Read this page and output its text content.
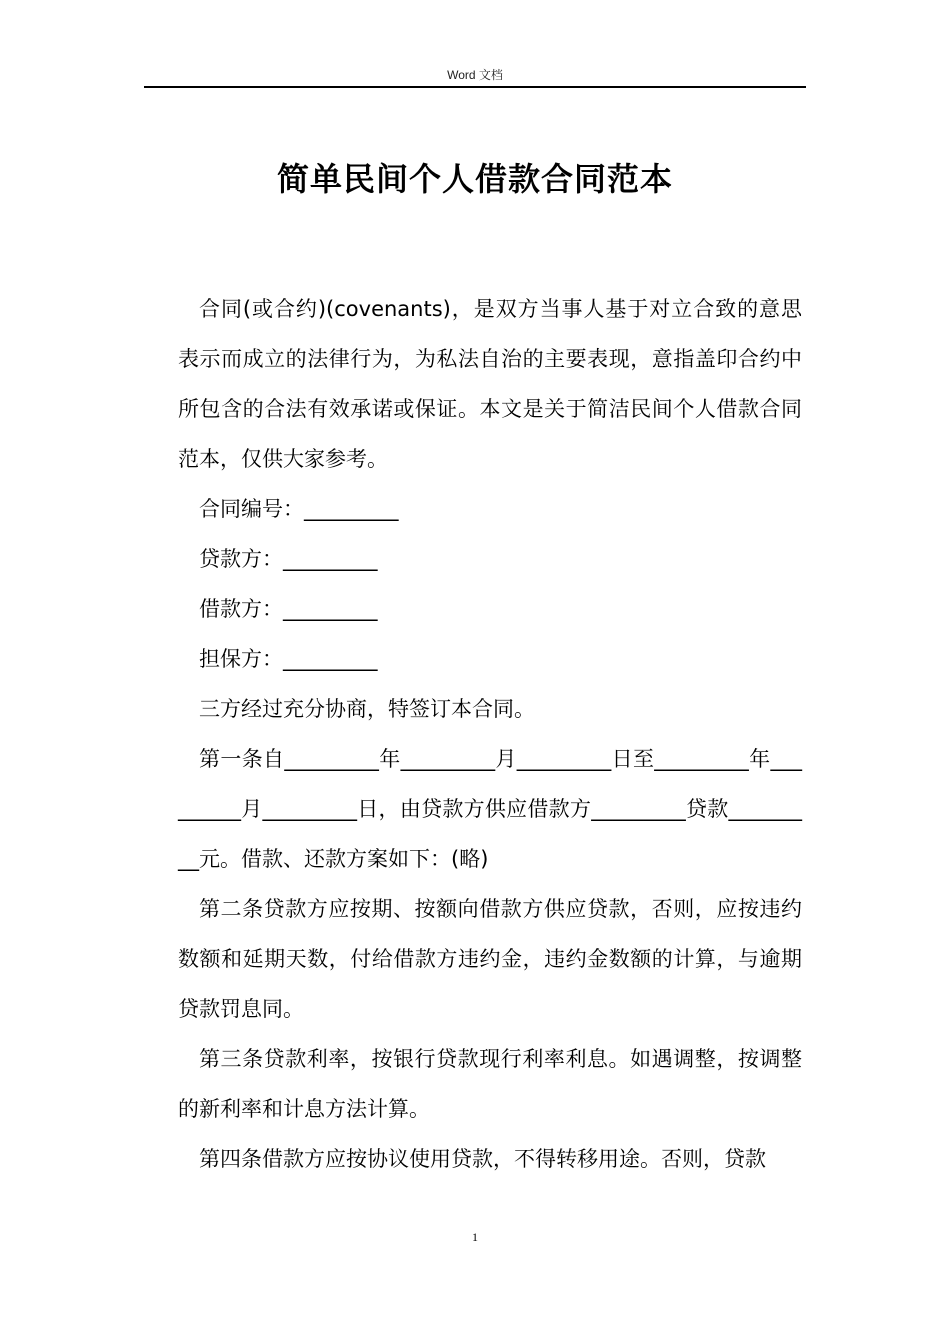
Word 文档
简单民间个人借款合同范本

合同(或合约)(covenants)，是双方当事人基于对立合致的意思表示而成立的法律行为，为私法自治的主要表现，意指盖印合约中所包含的合法有效承诺或保证。本文是关于简洁民间个人借款合同范本，仅供大家参考。

合同编号：_________

贷款方：_________

借款方：_________

担保方：_________

三方经过充分协商，特签订本合同。

第一条自_________年_________月_________日至_________年_________月_________日，由贷款方供应借款方_________贷款_________元。借款、还款方案如下：(略)

第二条贷款方应按期、按额向借款方供应贷款，否则，应按违约数额和延期天数，付给借款方违约金，违约金数额的计算，与逾期贷款罚息同。

第三条贷款利率，按银行贷款现行利率利息。如遇调整，按调整的新利率和计息方法计算。

第四条借款方应按协议使用贷款，不得转移用途。否则，贷款

1
